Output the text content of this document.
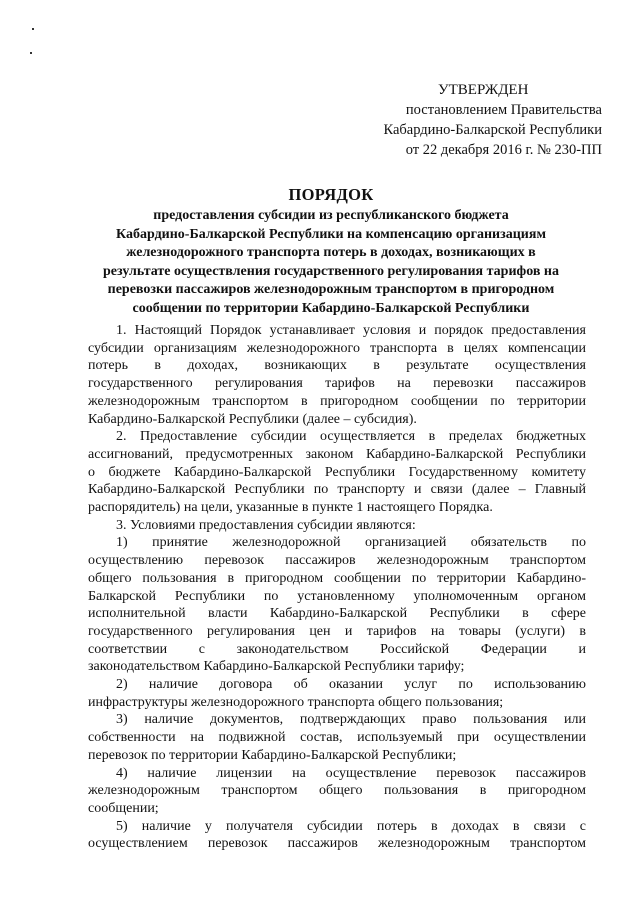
УТВЕРЖДЕН
постановлением Правительства
Кабардино-Балкарской Республики
от 22 декабря 2016 г. № 230-ПП
ПОРЯДОК
предоставления субсидии из республиканского бюджета
Кабардино-Балкарской Республики на компенсацию организациям
железнодорожного транспорта потерь в доходах, возникающих в
результате осуществления государственного регулирования тарифов на
перевозки пассажиров железнодорожным транспортом в пригородном
сообщении по территории Кабардино-Балкарской Республики
1. Настоящий Порядок устанавливает условия и порядок предоставления
субсидии организациям железнодорожного транспорта в целях компенсации
потерь в доходах, возникающих в результате осуществления
государственного регулирования тарифов на перевозки пассажиров
железнодорожным транспортом в пригородном сообщении по территории
Кабардино-Балкарской Республики (далее – субсидия).
2. Предоставление субсидии осуществляется в пределах бюджетных
ассигнований, предусмотренных законом Кабардино-Балкарской Республики
о бюджете Кабардино-Балкарской Республики Государственному комитету
Кабардино-Балкарской Республики по транспорту и связи (далее – Главный
распорядитель) на цели, указанные в пункте 1 настоящего Порядка.
3. Условиями предоставления субсидии являются:
1) принятие железнодорожной организацией обязательств по
осуществлению перевозок пассажиров железнодорожным транспортом
общего пользования в пригородном сообщении по территории Кабардино-
Балкарской Республики по установленному уполномоченным органом
исполнительной власти Кабардино-Балкарской Республики в сфере
государственного регулирования цен и тарифов на товары (услуги) в
соответствии с законодательством Российской Федерации и
законодательством Кабардино-Балкарской Республики тарифу;
2) наличие договора об оказании услуг по использованию
инфраструктуры железнодорожного транспорта общего пользования;
3) наличие документов, подтверждающих право пользования или
собственности на подвижной состав, используемый при осуществлении
перевозок по территории Кабардино-Балкарской Республики;
4) наличие лицензии на осуществление перевозок пассажиров
железнодорожным транспортом общего пользования в пригородном
сообщении;
5) наличие у получателя субсидии потерь в доходах в связи с
осуществлением перевозок пассажиров железнодорожным транспортом
